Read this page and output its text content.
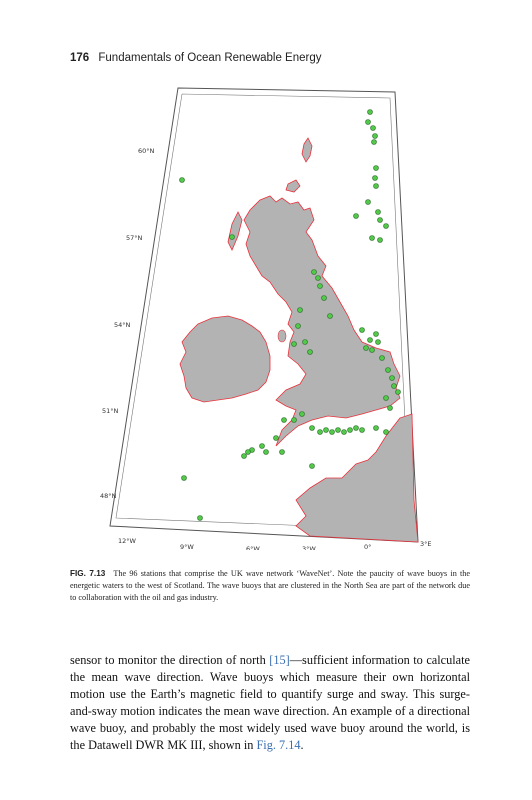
176 Fundamentals of Ocean Renewable Energy
60°N
57°N
54°N
51°N
48°N
12°W
9°W	6°W	3°W	0°	3°E
FIG. 7.13 The 96 stations that comprise the UK wave network ‘WaveNet’. Note the paucity of wave buoys in the energetic waters to the west of Scotland. The wave buoys that are clustered in the North Sea are part of the network due to collaboration with the oil and gas industry.
sensor to monitor the direction of north [15]—sufficient information to calculate the mean wave direction. Wave buoys which measure their own horizontal motion use the Earth’s magnetic field to quantify surge and sway. This surge-and-sway motion indicates the mean wave direction. An example of a directional wave buoy, and probably the most widely used wave buoy around the world, is the Datawell DWR MK III, shown in Fig. 7.14.
